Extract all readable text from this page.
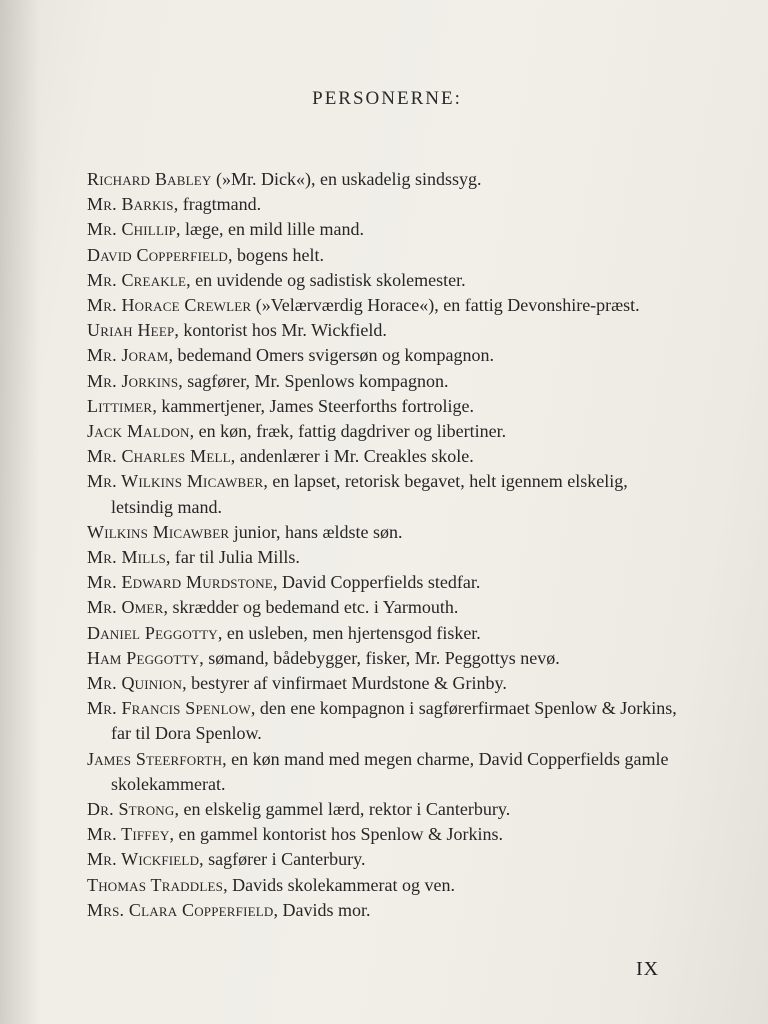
PERSONERNE:
Richard Babley (»Mr. Dick«), en uskadelig sindssyg.
Mr. Barkis, fragtmand.
Mr. Chillip, læge, en mild lille mand.
David Copperfield, bogens helt.
Mr. Creakle, en uvidende og sadistisk skolemester.
Mr. Horace Crewler (»Velærværdig Horace«), en fattig Devonshire-præst.
Uriah Heep, kontorist hos Mr. Wickfield.
Mr. Joram, bedemand Omers svigersøn og kompagnon.
Mr. Jorkins, sagfører, Mr. Spenlows kompagnon.
Littimer, kammertjener, James Steerforths fortrolige.
Jack Maldon, en køn, fræk, fattig dagdriver og libertiner.
Mr. Charles Mell, andenlærer i Mr. Creakles skole.
Mr. Wilkins Micawber, en lapset, retorisk begavet, helt igennem elskelig, letsindig mand.
Wilkins Micawber junior, hans ældste søn.
Mr. Mills, far til Julia Mills.
Mr. Edward Murdstone, David Copperfields stedfar.
Mr. Omer, skrædder og bedemand etc. i Yarmouth.
Daniel Peggotty, en usleben, men hjertensgod fisker.
Ham Peggotty, sømand, bådebygger, fisker, Mr. Peggottys nevø.
Mr. Quinion, bestyrer af vinfirmaet Murdstone & Grinby.
Mr. Francis Spenlow, den ene kompagnon i sagførerfirmaet Spenlow & Jorkins, far til Dora Spenlow.
James Steerforth, en køn mand med megen charme, David Copperfields gamle skolekammerat.
Dr. Strong, en elskelig gammel lærd, rektor i Canterbury.
Mr. Tiffey, en gammel kontorist hos Spenlow & Jorkins.
Mr. Wickfield, sagfører i Canterbury.
Thomas Traddles, Davids skolekammerat og ven.
Mrs. Clara Copperfield, Davids mor.
IX
